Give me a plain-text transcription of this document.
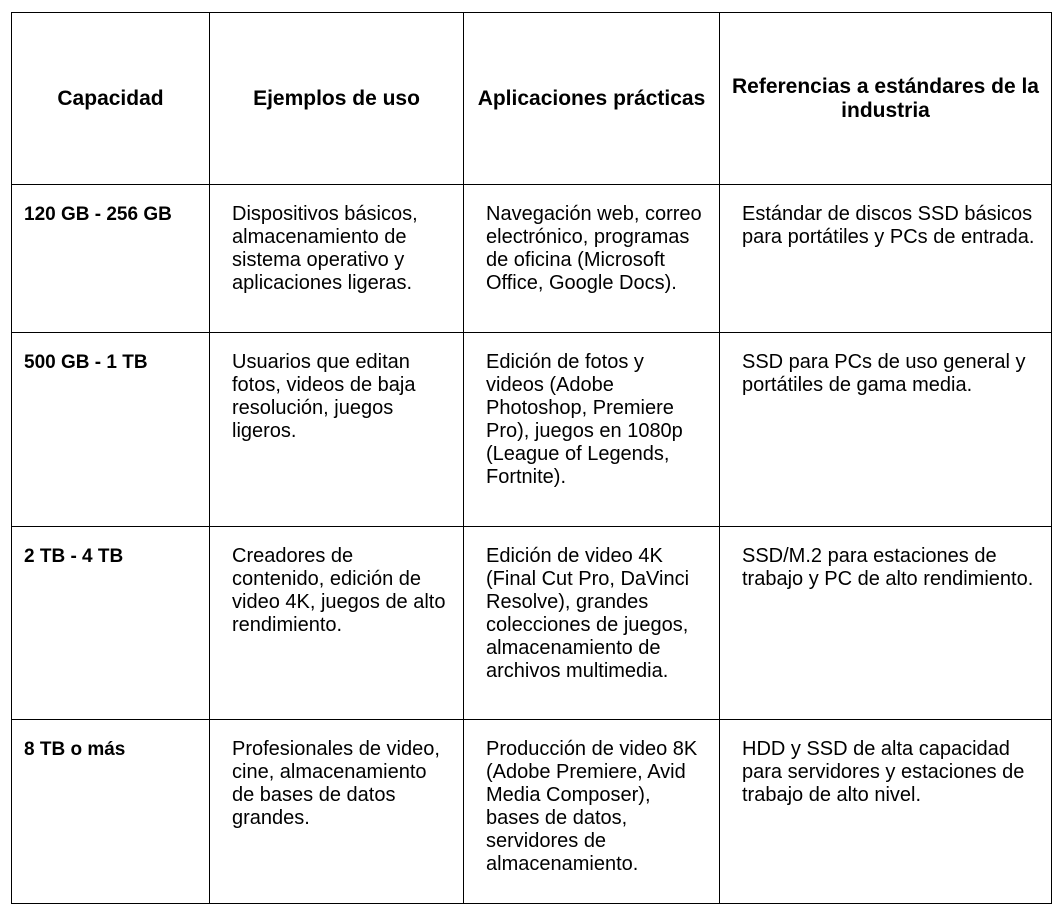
Capacidad	Ejemplos de uso	Aplicaciones prácticas	Referencias a estándares de la industria
120 GB - 256 GB	Dispositivos básicos, almacenamiento de sistema operativo y aplicaciones ligeras.	Navegación web, correo electrónico, programas de oficina (Microsoft Office, Google Docs).	Estándar de discos SSD básicos para portátiles y PCs de entrada.
500 GB - 1 TB	Usuarios que editan fotos, videos de baja resolución, juegos ligeros.	Edición de fotos y videos (Adobe Photoshop, Premiere Pro), juegos en 1080p (League of Legends, Fortnite).	SSD para PCs de uso general y portátiles de gama media.
2 TB - 4 TB	Creadores de contenido, edición de video 4K, juegos de alto rendimiento.	Edición de video 4K (Final Cut Pro, DaVinci Resolve), grandes colecciones de juegos, almacenamiento de archivos multimedia.	SSD/M.2 para estaciones de trabajo y PC de alto rendimiento.
8 TB o más	Profesionales de video, cine, almacenamiento de bases de datos grandes.	Producción de video 8K (Adobe Premiere, Avid Media Composer), bases de datos, servidores de almacenamiento.	HDD y SSD de alta capacidad para servidores y estaciones de trabajo de alto nivel.
